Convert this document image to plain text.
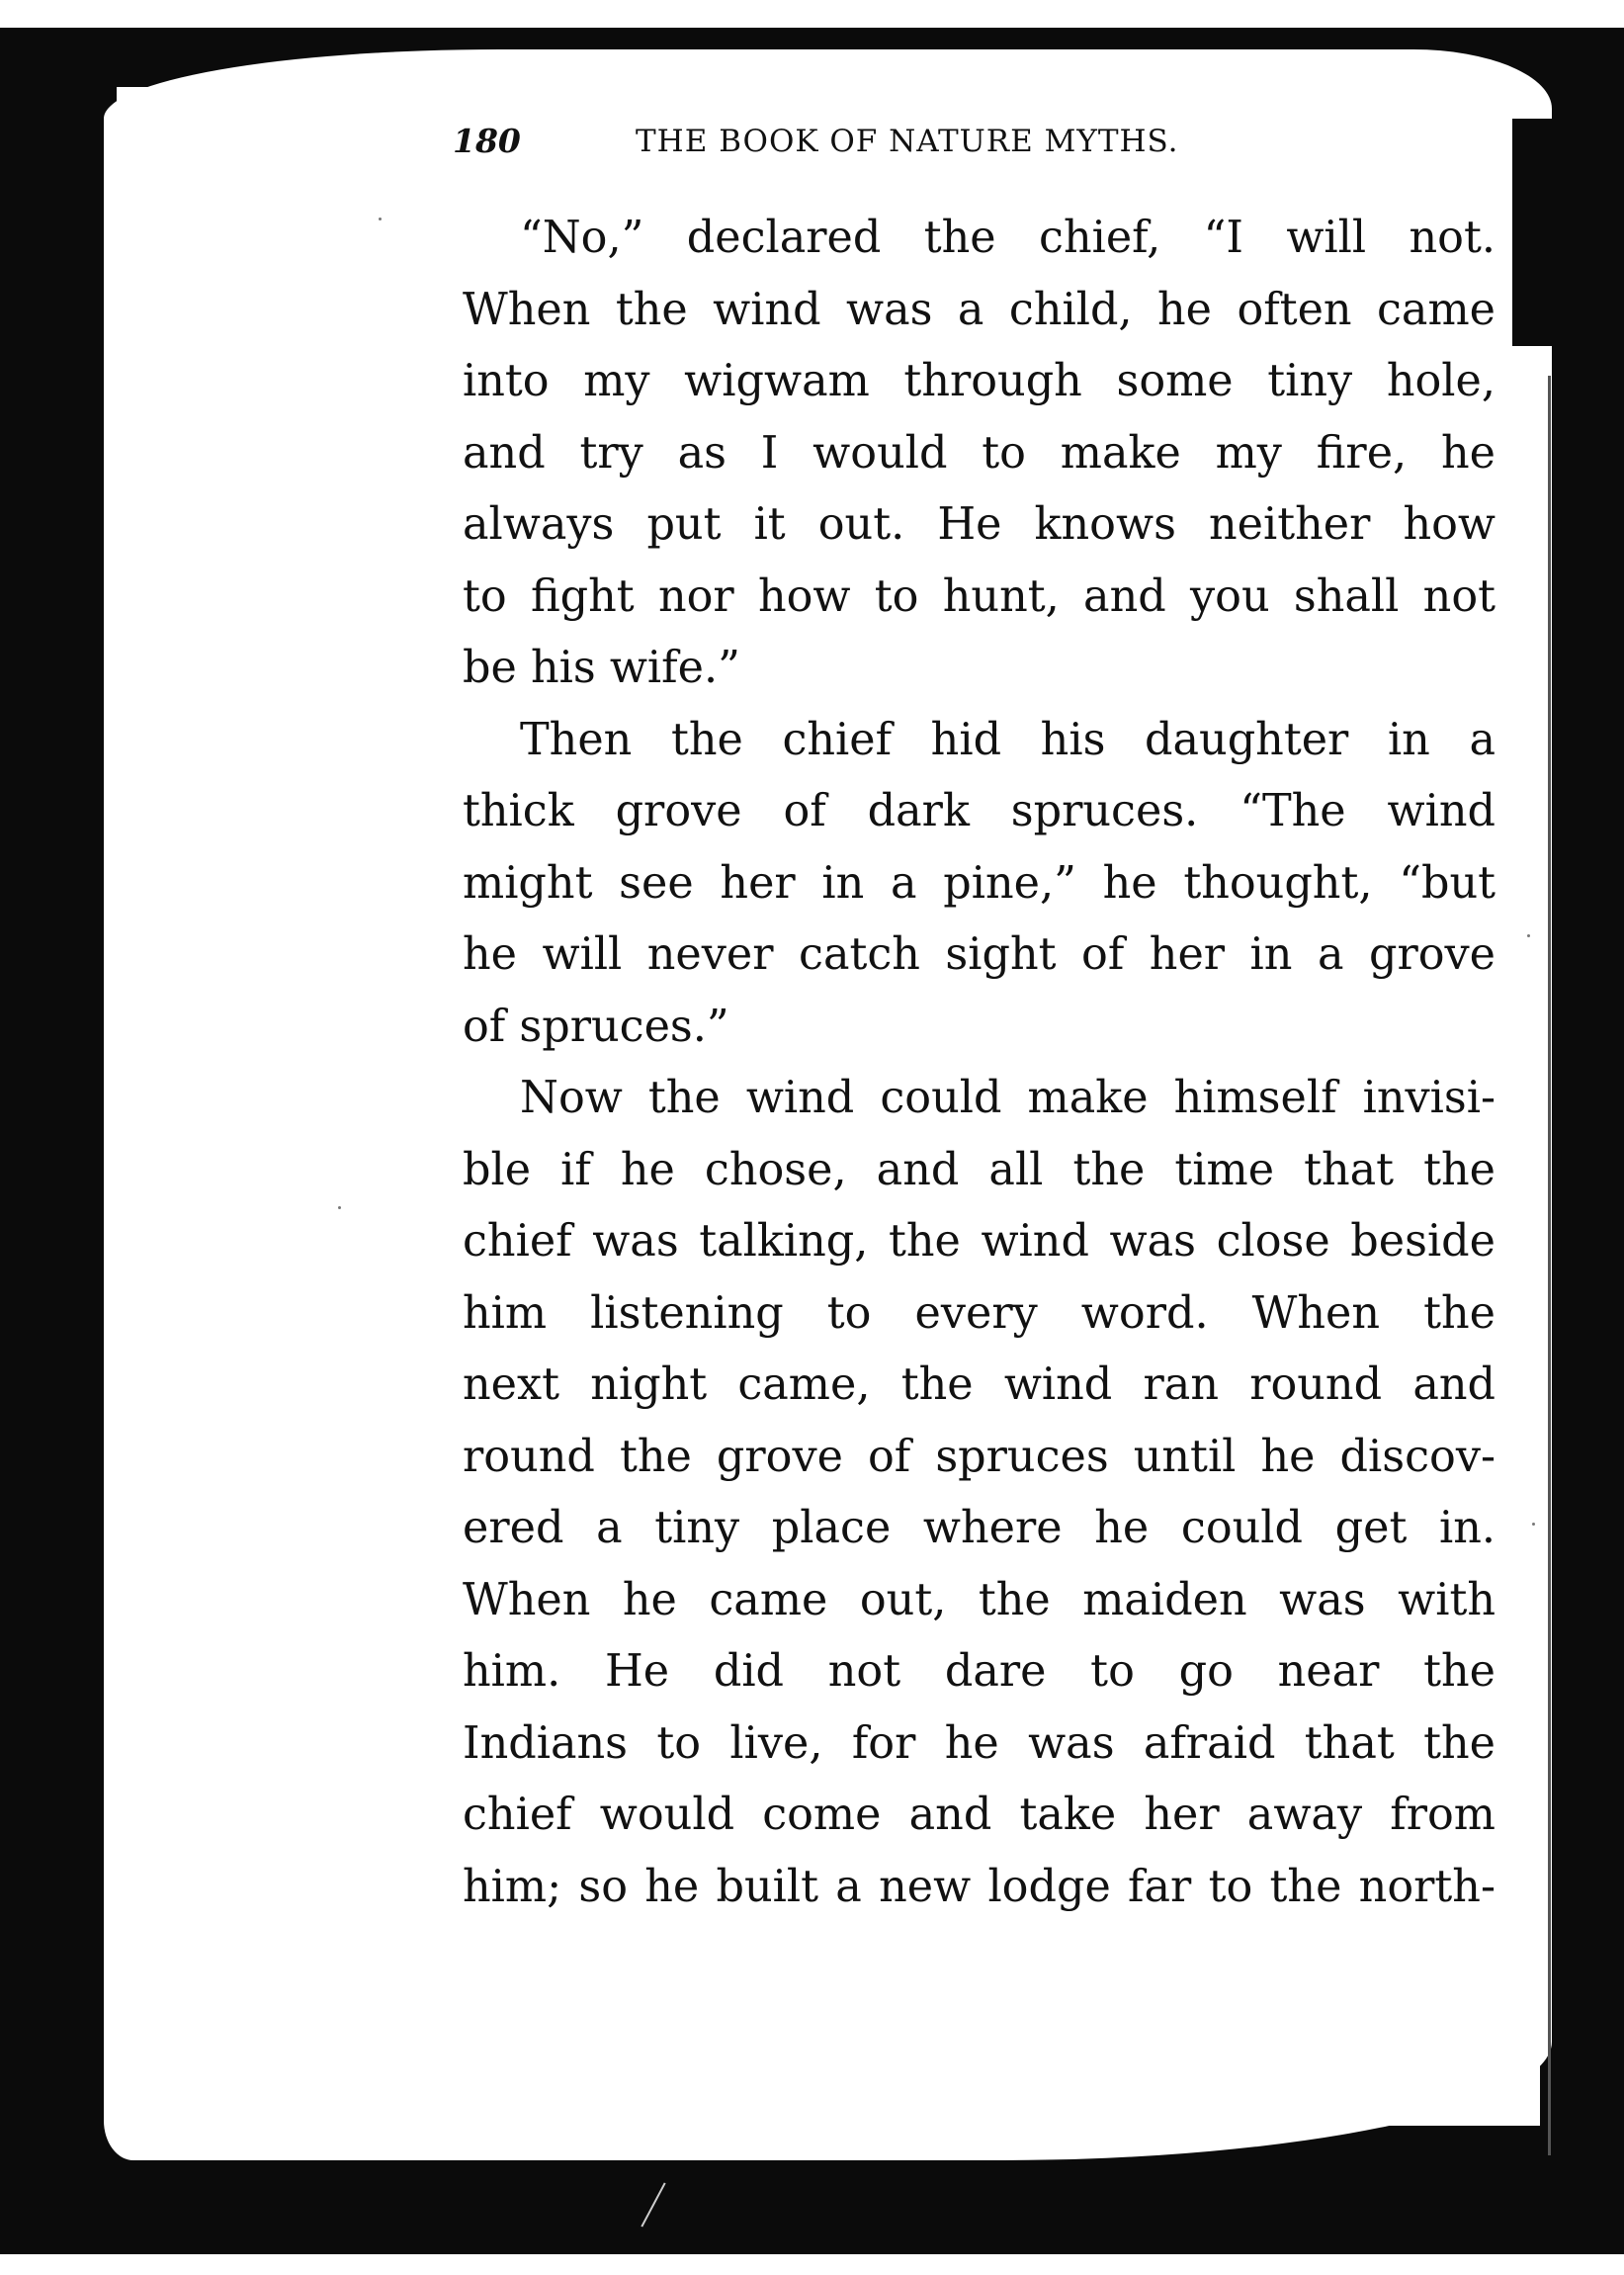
180	THE BOOK OF NATURE MYTHS.
“No,” declared the chief, “I will not.
When the wind was a child, he often came
into my wigwam through some tiny hole,
and try as I would to make my fire, he
always put it out. He knows neither how
to fight nor how to hunt, and you shall not
be his wife.”
Then the chief hid his daughter in a
thick grove of dark spruces. “The wind
might see her in a pine,” he thought, “but
he will never catch sight of her in a grove
of spruces.”
Now the wind could make himself invisi-
ble if he chose, and all the time that the
chief was talking, the wind was close beside
him listening to every word. When the
next night came, the wind ran round and
round the grove of spruces until he discov-
ered a tiny place where he could get in.
When he came out, the maiden was with
him. He did not dare to go near the
Indians to live, for he was afraid that the
chief would come and take her away from
him; so he built a new lodge far to the north-
